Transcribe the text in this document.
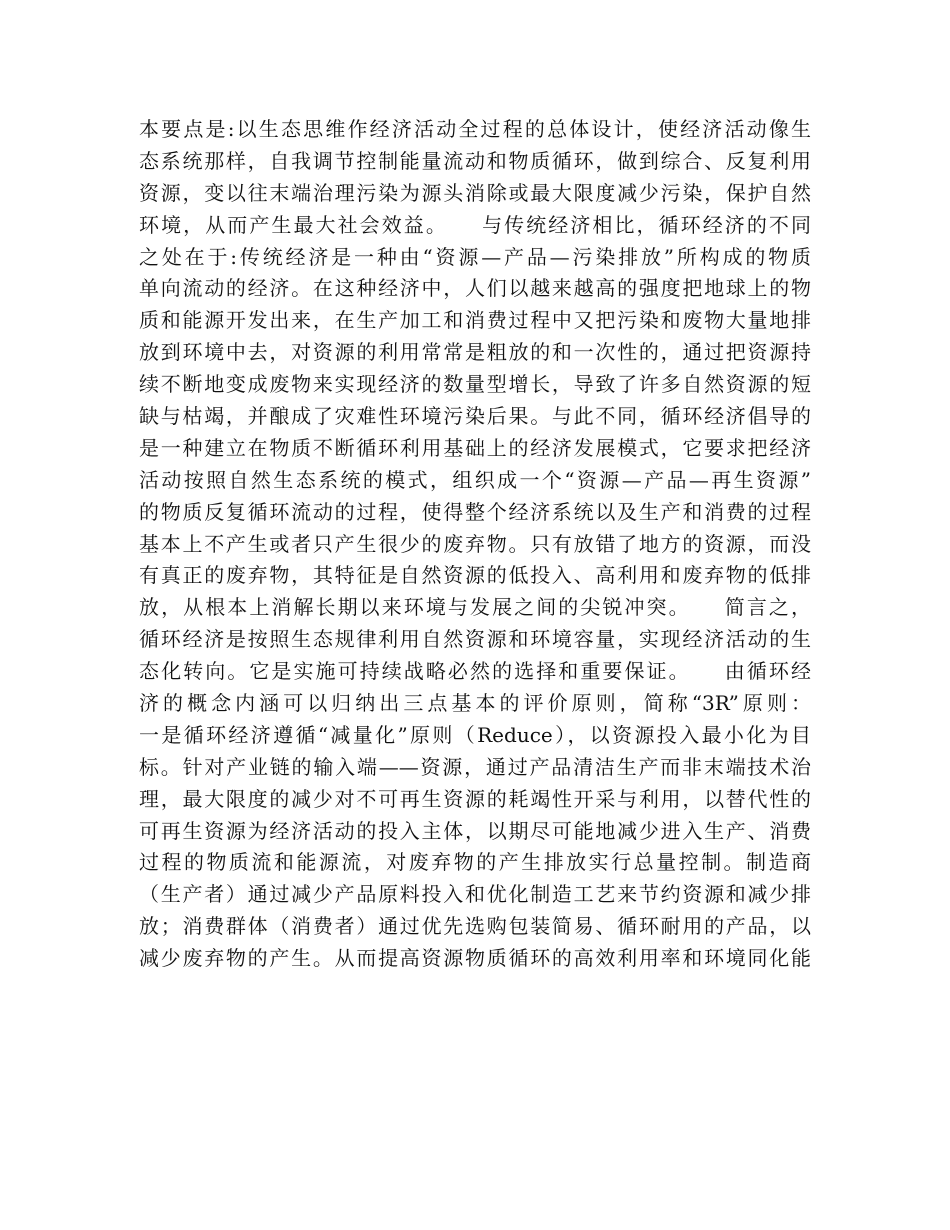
本要点是:以生态思维作经济活动全过程的总体设计，使经济活动像生
态系统那样，自我调节控制能量流动和物质循环，做到综合、反复利用
资源，变以往末端治理污染为源头消除或最大限度减少污染，保护自然
环境，从而产生最大社会效益。　　与传统经济相比，循环经济的不同
之处在于:传统经济是一种由“资源—产品—污染排放”所构成的物质
单向流动的经济。在这种经济中，人们以越来越高的强度把地球上的物
质和能源开发出来，在生产加工和消费过程中又把污染和废物大量地排
放到环境中去，对资源的利用常常是粗放的和一次性的，通过把资源持
续不断地变成废物来实现经济的数量型增长，导致了许多自然资源的短
缺与枯竭，并酿成了灾难性环境污染后果。与此不同，循环经济倡导的
是一种建立在物质不断循环利用基础上的经济发展模式，它要求把经济
活动按照自然生态系统的模式，组织成一个“资源—产品—再生资源”
的物质反复循环流动的过程，使得整个经济系统以及生产和消费的过程
基本上不产生或者只产生很少的废弃物。只有放错了地方的资源，而没
有真正的废弃物，其特征是自然资源的低投入、高利用和废弃物的低排
放，从根本上消解长期以来环境与发展之间的尖锐冲突。　　简言之，
循环经济是按照生态规律利用自然资源和环境容量，实现经济活动的生
态化转向。它是实施可持续战略必然的选择和重要保证。　　由循环经
济的概念内涵可以归纳出三点基本的评价原则，简称“3R”原则：
一是循环经济遵循“减量化”原则（Reduce），以资源投入最小化为目
标。针对产业链的输入端——资源，通过产品清洁生产而非末端技术治
理，最大限度的减少对不可再生资源的耗竭性开采与利用，以替代性的
可再生资源为经济活动的投入主体，以期尽可能地减少进入生产、消费
过程的物质流和能源流，对废弃物的产生排放实行总量控制。制造商
（生产者）通过减少产品原料投入和优化制造工艺来节约资源和减少排
放；消费群体（消费者）通过优先选购包装简易、循环耐用的产品，以
减少废弃物的产生。从而提高资源物质循环的高效利用率和环境同化能
